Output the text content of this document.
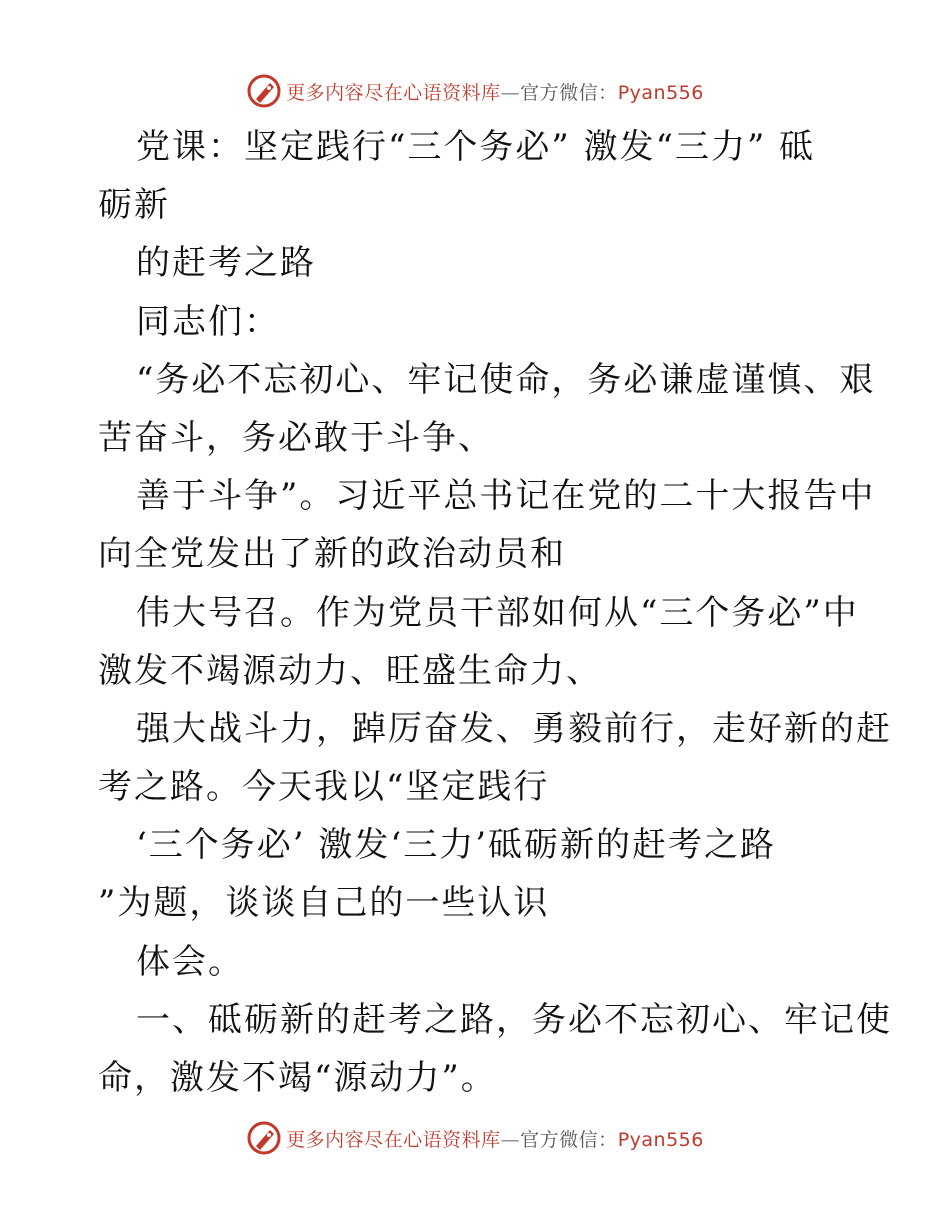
更多内容尽在心语资料库—官方微信：Pyan556
党课：坚定践行“三个务必” 激发“三力” 砥
砺新
的赶考之路
同志们：
“务必不忘初心、牢记使命，务必谦虚谨慎、艰
苦奋斗，务必敢于斗争、
善于斗争”。习近平总书记在党的二十大报告中
向全党发出了新的政治动员和
伟大号召。作为党员干部如何从“三个务必”中
激发不竭源动力、旺盛生命力、
强大战斗力，踔厉奋发、勇毅前行，走好新的赶
考之路。今天我以“坚定践行
‘三个务必’ 激发‘三力’砥砺新的赶考之路
”为题，谈谈自己的一些认识
体会。
一、砥砺新的赶考之路，务必不忘初心、牢记使
命，激发不竭“源动力”。
更多内容尽在心语资料库—官方微信：Pyan556
